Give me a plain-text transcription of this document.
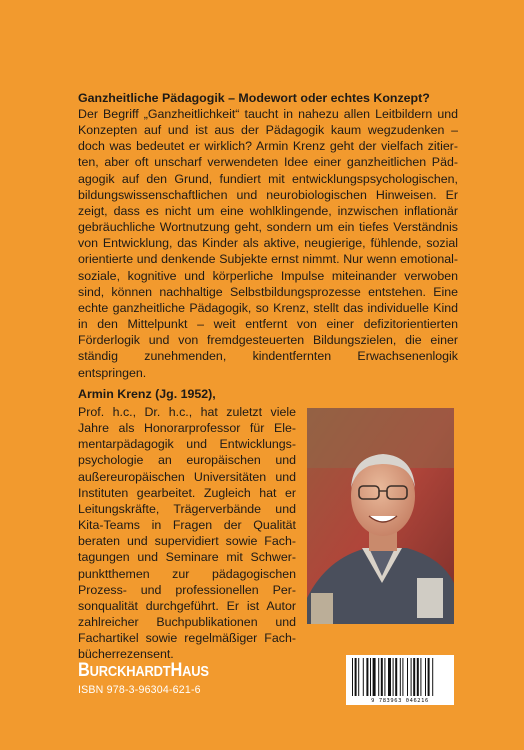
Ganzheitliche Pädagogik – Modewort oder echtes Konzept?
Der Begriff „Ganzheitlichkeit“ taucht in nahezu allen Leitbildern und Konzepten auf und ist aus der Pädagogik kaum wegzudenken – doch was bedeutet er wirklich? Armin Krenz geht der vielfach zitierten, aber oft unscharf verwendeten Idee einer ganzheitlichen Pädagogik auf den Grund, fundiert mit entwicklungspsychologischen, bildungswissenschaftlichen und neurobiologischen Hinweisen. Er zeigt, dass es nicht um eine wohlklingende, inzwischen inflationär gebräuchliche Wortnutzung geht, sondern um ein tiefes Verständnis von Entwicklung, das Kinder als aktive, neugierige, fühlende, sozial orientierte und denkende Subjekte ernst nimmt. Nur wenn emotional-soziale, kognitive und körperliche Impulse miteinander verwoben sind, können nachhaltige Selbstbildungsprozesse entstehen. Eine echte ganzheitliche Pädagogik, so Krenz, stellt das individuelle Kind in den Mittelpunkt – weit entfernt von einer defizitorientierten Förderlogik und von fremdgesteuerten Bildungszielen, die einer ständig zunehmenden, kindentfernten Erwachsenenlogik entspringen.
Armin Krenz (Jg. 1952),
Prof. h.c., Dr. h.c., hat zuletzt viele Jahre als Honorarprofessor für Elementarpädagogik und Entwicklungspsychologie an europäischen und außereuropäischen Universitäten und Instituten gearbeitet. Zugleich hat er Leitungskräfte, Trägerverbände und Kita-Teams in Fragen der Qualität beraten und supervidiert sowie Fachtagungen und Seminare mit Schwerpunktthemen zur pädagogischen Prozess- und professionellen Personqualität durchgeführt. Er ist Autor zahlreicher Buchpublikationen und Fachartikel sowie regelmäßiger Fachbücherrezensent.
BURCKHARDTHAUS
ISBN 978-3-96304-621-6
9 783963 046216
